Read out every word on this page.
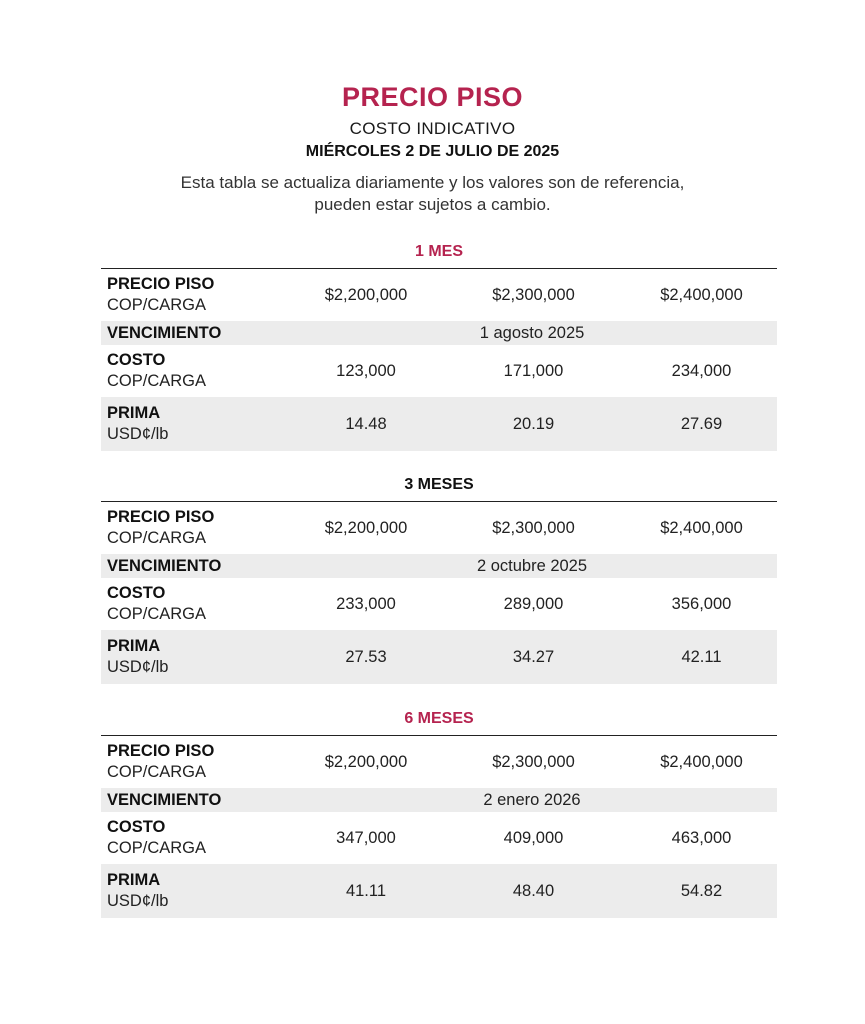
PRECIO PISO
COSTO INDICATIVO
MIÉRCOLES 2 DE JULIO DE 2025
Esta tabla se actualiza diariamente y los valores son de referencia,
pueden estar sujetos a cambio.
1 MES
PRECIO PISO
COP/CARGA
$2,200,000	$2,300,000	$2,400,000
VENCIMIENTO	1 agosto 2025
COSTO
COP/CARGA
123,000	171,000	234,000
PRIMA
USD¢/lb
14.48	20.19	27.69
3 MESES
PRECIO PISO
COP/CARGA
$2,200,000	$2,300,000	$2,400,000
VENCIMIENTO	2 octubre 2025
COSTO
COP/CARGA
233,000	289,000	356,000
PRIMA
USD¢/lb
27.53	34.27	42.11
6 MESES
PRECIO PISO
COP/CARGA
$2,200,000	$2,300,000	$2,400,000
VENCIMIENTO	2 enero 2026
COSTO
COP/CARGA
347,000	409,000	463,000
PRIMA
USD¢/lb
41.11	48.40	54.82
